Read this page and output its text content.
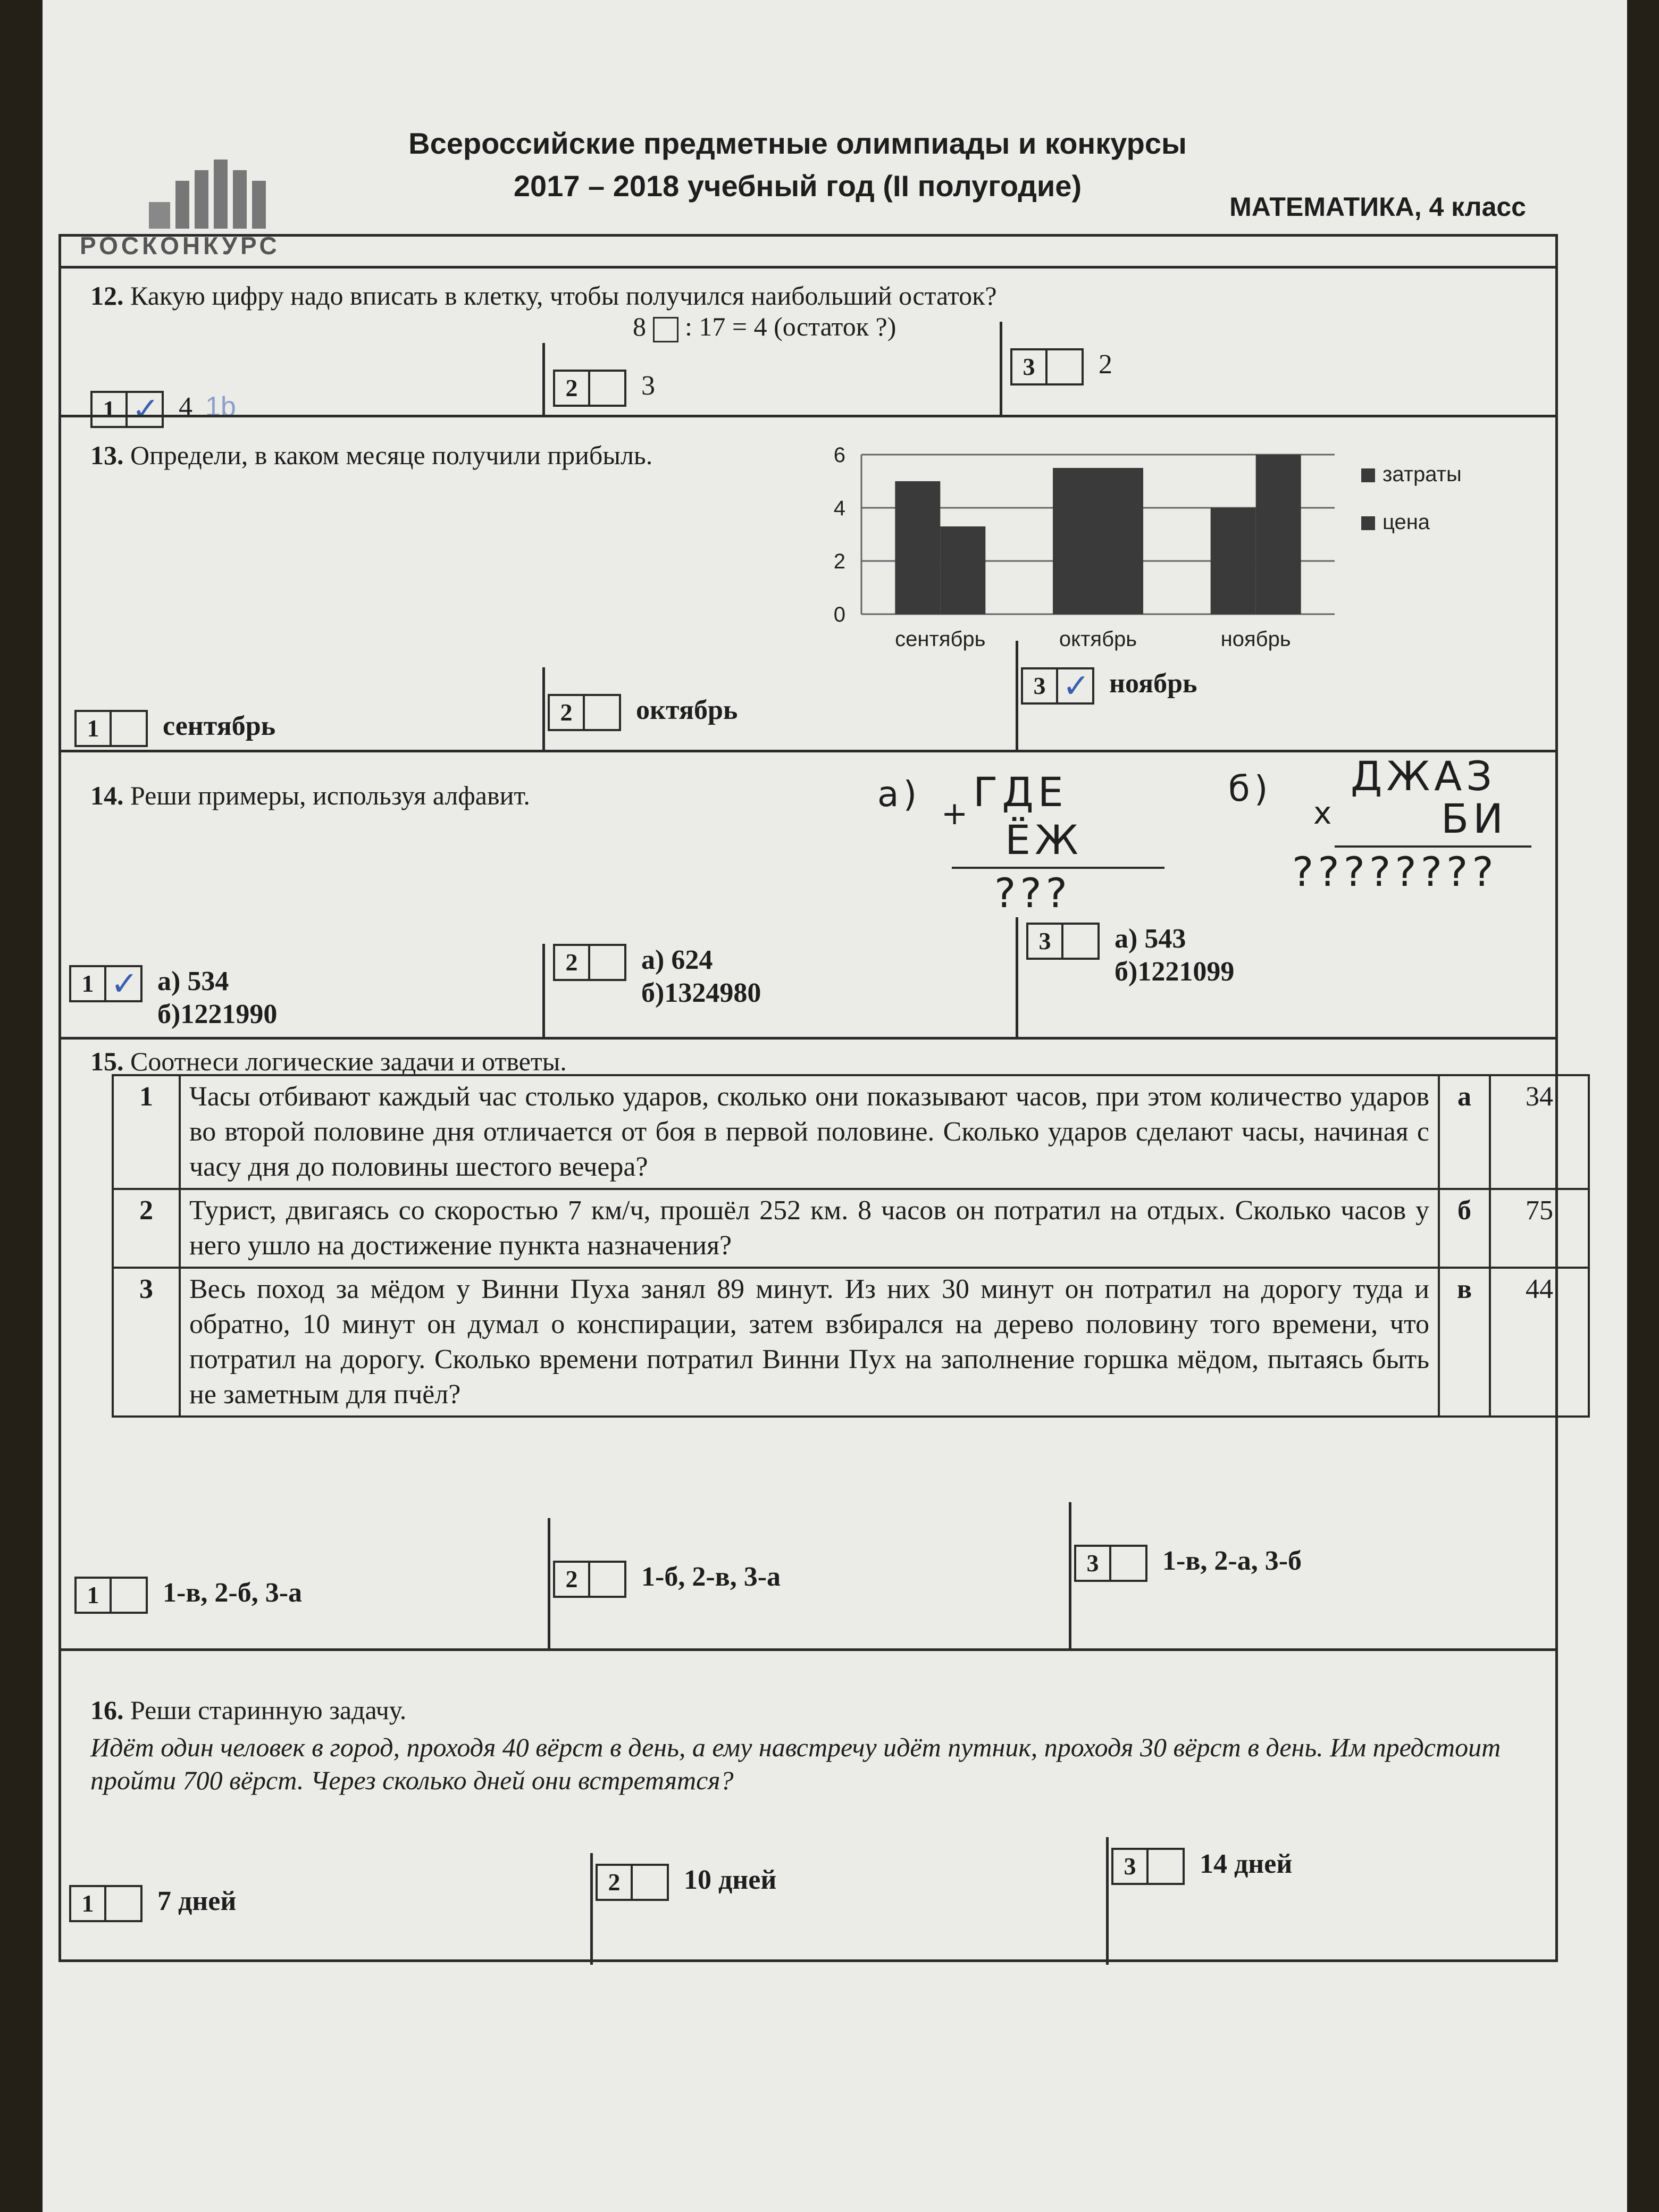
РОСКОНКУРС
Всероссийские предметные олимпиады и конкурсы
2017 – 2018 учебный год (II полугодие)
МАТЕМАТИКА, 4 класс
12. Какую цифру надо вписать в клетку, чтобы получился наибольший остаток?
8 : 17 = 4 (остаток ?)
1 ✓ 4 1b
2	3
3	2
13. Определи, в каком месяце получили прибыль.
0
2
4
6
сентябрь	октябрь	ноябрь
затраты
цена
1	сентябрь	2	октябрь
3 ✓ ноябрь
14. Реши примеры, используя алфавит.	а) + ГДЕ
ЁЖ
???
б)
х
ДЖАЗ
БИ
????????
1 ✓ а) 534
б)1221990
2	а) 624
б)1324980
3	а) 543
б)1221099
15. Соотнеси логические задачи и ответы.
1	1-в, 2-б, 3-а	2	1-б, 2-в, 3-а	3	1-в, 2-а, 3-б
1	Часы отбивают каждый час столько ударов, сколько они показывают часов, при этом количество ударов во второй половине дня отличается от боя в первой половине. Сколько ударов сделают часы, начиная с часу дня до половины шестого вечера?	а	34
2	Турист, двигаясь со скоростью 7 км/ч, прошёл 252 км. 8 часов он потратил на отдых. Сколько часов у него ушло на достижение пункта назначения?	б	75
3	Весь поход за мёдом у Винни Пуха занял 89 минут. Из них 30 минут он потратил на дорогу туда и обратно, 10 минут он думал о конспирации, затем взбирался на дерево половину того времени, что потратил на дорогу. Сколько времени потратил Винни Пух на заполнение горшка мёдом, пытаясь быть не заметным для пчёл?	в	44
16. Реши старинную задачу.
Идёт один человек в город, проходя 40 вёрст в день, а ему навстречу идёт путник, проходя 30 вёрст в день. Им предстоит пройти 700 вёрст. Через сколько дней они встретятся?
1	7 дней
2	10 дней	3	14 дней
